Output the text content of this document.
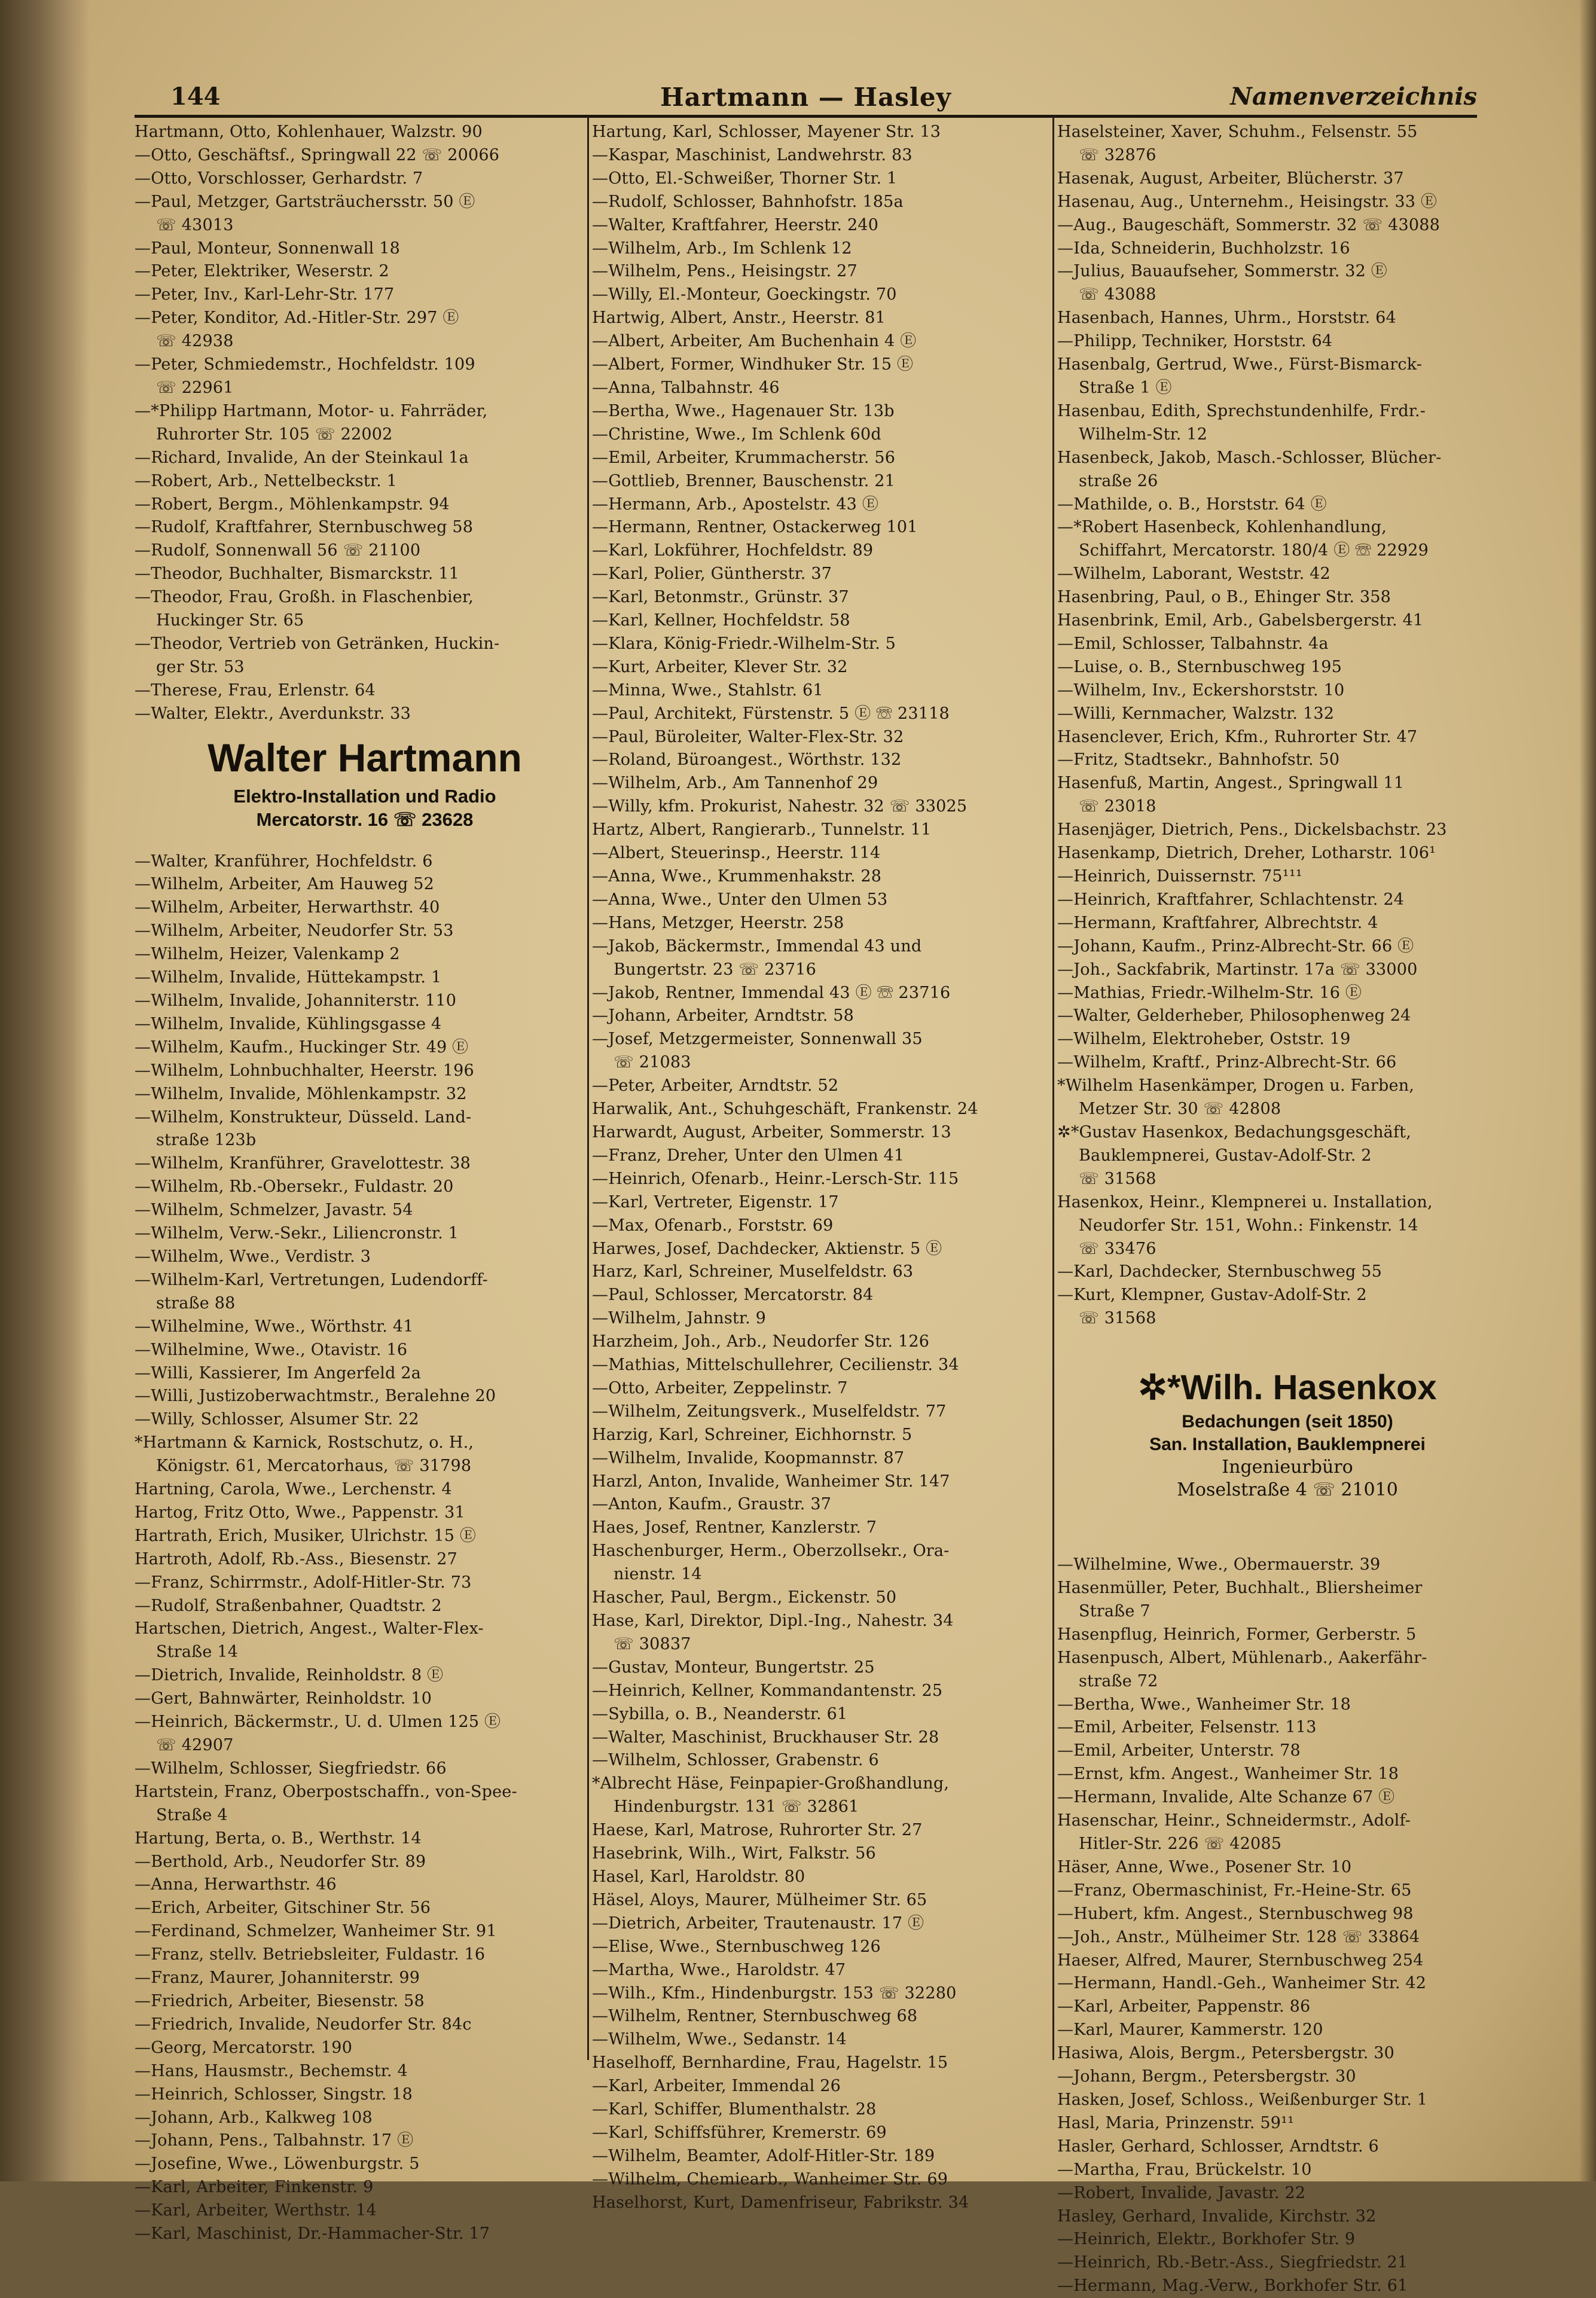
144	Hartmann — Hasley	Namenverzeichnis
Hartmann, Otto, Kohlenhauer, Walzstr. 90
—Otto, Geschäftsf., Springwall 22 ☏ 20066
—Otto, Vorschlosser, Gerhardstr. 7
—Paul, Metzger, Gartsträuchersstr. 50 Ⓔ
☏ 43013
—Paul, Monteur, Sonnenwall 18
—Peter, Elektriker, Weserstr. 2
—Peter, Inv., Karl-Lehr-Str. 177
—Peter, Konditor, Ad.-Hitler-Str. 297 Ⓔ
☏ 42938
—Peter, Schmiedemstr., Hochfeldstr. 109
☏ 22961
—*Philipp Hartmann, Motor- u. Fahrräder,
Ruhrorter Str. 105 ☏ 22002
—Richard, Invalide, An der Steinkaul 1a
—Robert, Arb., Nettelbeckstr. 1
—Robert, Bergm., Möhlenkampstr. 94
—Rudolf, Kraftfahrer, Sternbuschweg 58
—Rudolf, Sonnenwall 56 ☏ 21100
—Theodor, Buchhalter, Bismarckstr. 11
—Theodor, Frau, Großh. in Flaschenbier,
Huckinger Str. 65
—Theodor, Vertrieb von Getränken, Huckin-
ger Str. 53
—Therese, Frau, Erlenstr. 64
—Walter, Elektr., Averdunkstr. 33
Walter Hartmann
Elektro-Installation und Radio
Mercatorstr. 16 ☏ 23628
—Walter, Kranführer, Hochfeldstr. 6
—Wilhelm, Arbeiter, Am Hauweg 52
—Wilhelm, Arbeiter, Herwarthstr. 40
—Wilhelm, Arbeiter, Neudorfer Str. 53
—Wilhelm, Heizer, Valenkamp 2
—Wilhelm, Invalide, Hüttekampstr. 1
—Wilhelm, Invalide, Johanniterstr. 110
—Wilhelm, Invalide, Kühlingsgasse 4
—Wilhelm, Kaufm., Huckinger Str. 49 Ⓔ
—Wilhelm, Lohnbuchhalter, Heerstr. 196
—Wilhelm, Invalide, Möhlenkampstr. 32
—Wilhelm, Konstrukteur, Düsseld. Land-
straße 123b
—Wilhelm, Kranführer, Gravelottestr. 38
—Wilhelm, Rb.-Obersekr., Fuldastr. 20
—Wilhelm, Schmelzer, Javastr. 54
—Wilhelm, Verw.-Sekr., Liliencronstr. 1
—Wilhelm, Wwe., Verdistr. 3
—Wilhelm-Karl, Vertretungen, Ludendorff-
straße 88
—Wilhelmine, Wwe., Wörthstr. 41
—Wilhelmine, Wwe., Otavistr. 16
—Willi, Kassierer, Im Angerfeld 2a
—Willi, Justizoberwachtmstr., Beralehne 20
—Willy, Schlosser, Alsumer Str. 22
*Hartmann & Karnick, Rostschutz, o. H.,
Königstr. 61, Mercatorhaus, ☏ 31798
Hartning, Carola, Wwe., Lerchenstr. 4
Hartog, Fritz Otto, Wwe., Pappenstr. 31
Hartrath, Erich, Musiker, Ulrichstr. 15 Ⓔ
Hartroth, Adolf, Rb.-Ass., Biesenstr. 27
—Franz, Schirrmstr., Adolf-Hitler-Str. 73
—Rudolf, Straßenbahner, Quadtstr. 2
Hartschen, Dietrich, Angest., Walter-Flex-
Straße 14
—Dietrich, Invalide, Reinholdstr. 8 Ⓔ
—Gert, Bahnwärter, Reinholdstr. 10
—Heinrich, Bäckermstr., U. d. Ulmen 125 Ⓔ
☏ 42907
—Wilhelm, Schlosser, Siegfriedstr. 66
Hartstein, Franz, Oberpostschaffn., von-Spee-
Straße 4
Hartung, Berta, o. B., Werthstr. 14
—Berthold, Arb., Neudorfer Str. 89
—Anna, Herwarthstr. 46
—Erich, Arbeiter, Gitschiner Str. 56
—Ferdinand, Schmelzer, Wanheimer Str. 91
—Franz, stellv. Betriebsleiter, Fuldastr. 16
—Franz, Maurer, Johanniterstr. 99
—Friedrich, Arbeiter, Biesenstr. 58
—Friedrich, Invalide, Neudorfer Str. 84c
—Georg, Mercatorstr. 190
—Hans, Hausmstr., Bechemstr. 4
—Heinrich, Schlosser, Singstr. 18
—Johann, Arb., Kalkweg 108
—Johann, Pens., Talbahnstr. 17 Ⓔ
—Josefine, Wwe., Löwenburgstr. 5
—Karl, Arbeiter, Finkenstr. 9
—Karl, Arbeiter, Werthstr. 14
—Karl, Maschinist, Dr.-Hammacher-Str. 17
Hartung, Karl, Schlosser, Mayener Str. 13
—Kaspar, Maschinist, Landwehrstr. 83
—Otto, El.-Schweißer, Thorner Str. 1
—Rudolf, Schlosser, Bahnhofstr. 185a
—Walter, Kraftfahrer, Heerstr. 240
—Wilhelm, Arb., Im Schlenk 12
—Wilhelm, Pens., Heisingstr. 27
—Willy, El.-Monteur, Goeckingstr. 70
Hartwig, Albert, Anstr., Heerstr. 81
—Albert, Arbeiter, Am Buchenhain 4 Ⓔ
—Albert, Former, Windhuker Str. 15 Ⓔ
—Anna, Talbahnstr. 46
—Bertha, Wwe., Hagenauer Str. 13b
—Christine, Wwe., Im Schlenk 60d
—Emil, Arbeiter, Krummacherstr. 56
—Gottlieb, Brenner, Bauschenstr. 21
—Hermann, Arb., Apostelstr. 43 Ⓔ
—Hermann, Rentner, Ostackerweg 101
—Karl, Lokführer, Hochfeldstr. 89
—Karl, Polier, Güntherstr. 37
—Karl, Betonmstr., Grünstr. 37
—Karl, Kellner, Hochfeldstr. 58
—Klara, König-Friedr.-Wilhelm-Str. 5
—Kurt, Arbeiter, Klever Str. 32
—Minna, Wwe., Stahlstr. 61
—Paul, Architekt, Fürstenstr. 5 Ⓔ ☏ 23118
—Paul, Büroleiter, Walter-Flex-Str. 32
—Roland, Büroangest., Wörthstr. 132
—Wilhelm, Arb., Am Tannenhof 29
—Willy, kfm. Prokurist, Nahestr. 32 ☏ 33025
Hartz, Albert, Rangierarb., Tunnelstr. 11
—Albert, Steuerinsp., Heerstr. 114
—Anna, Wwe., Krummenhakstr. 28
—Anna, Wwe., Unter den Ulmen 53
—Hans, Metzger, Heerstr. 258
—Jakob, Bäckermstr., Immendal 43 und
Bungertstr. 23 ☏ 23716
—Jakob, Rentner, Immendal 43 Ⓔ ☏ 23716
—Johann, Arbeiter, Arndtstr. 58
—Josef, Metzgermeister, Sonnenwall 35
☏ 21083
—Peter, Arbeiter, Arndtstr. 52
Harwalik, Ant., Schuhgeschäft, Frankenstr. 24
Harwardt, August, Arbeiter, Sommerstr. 13
—Franz, Dreher, Unter den Ulmen 41
—Heinrich, Ofenarb., Heinr.-Lersch-Str. 115
—Karl, Vertreter, Eigenstr. 17
—Max, Ofenarb., Forststr. 69
Harwes, Josef, Dachdecker, Aktienstr. 5 Ⓔ
Harz, Karl, Schreiner, Muselfeldstr. 63
—Paul, Schlosser, Mercatorstr. 84
—Wilhelm, Jahnstr. 9
Harzheim, Joh., Arb., Neudorfer Str. 126
—Mathias, Mittelschullehrer, Cecilienstr. 34
—Otto, Arbeiter, Zeppelinstr. 7
—Wilhelm, Zeitungsverk., Muselfeldstr. 77
Harzig, Karl, Schreiner, Eichhornstr. 5
—Wilhelm, Invalide, Koopmannstr. 87
Harzl, Anton, Invalide, Wanheimer Str. 147
—Anton, Kaufm., Graustr. 37
Haes, Josef, Rentner, Kanzlerstr. 7
Haschenburger, Herm., Oberzollsekr., Ora-
nienstr. 14
Hascher, Paul, Bergm., Eickenstr. 50
Hase, Karl, Direktor, Dipl.-Ing., Nahestr. 34
☏ 30837
—Gustav, Monteur, Bungertstr. 25
—Heinrich, Kellner, Kommandantenstr. 25
—Sybilla, o. B., Neanderstr. 61
—Walter, Maschinist, Bruckhauser Str. 28
—Wilhelm, Schlosser, Grabenstr. 6
*Albrecht Häse, Feinpapier-Großhandlung,
Hindenburgstr. 131 ☏ 32861
Haese, Karl, Matrose, Ruhrorter Str. 27
Hasebrink, Wilh., Wirt, Falkstr. 56
Hasel, Karl, Haroldstr. 80
Häsel, Aloys, Maurer, Mülheimer Str. 65
—Dietrich, Arbeiter, Trautenaustr. 17 Ⓔ
—Elise, Wwe., Sternbuschweg 126
—Martha, Wwe., Haroldstr. 47
—Wilh., Kfm., Hindenburgstr. 153 ☏ 32280
—Wilhelm, Rentner, Sternbuschweg 68
—Wilhelm, Wwe., Sedanstr. 14
Haselhoff, Bernhardine, Frau, Hagelstr. 15
—Karl, Arbeiter, Immendal 26
—Karl, Schiffer, Blumenthalstr. 28
—Karl, Schiffsführer, Kremerstr. 69
—Wilhelm, Beamter, Adolf-Hitler-Str. 189
—Wilhelm, Chemiearb., Wanheimer Str. 69
Haselhorst, Kurt, Damenfriseur, Fabrikstr. 34
Haselsteiner, Xaver, Schuhm., Felsenstr. 55
☏ 32876
Hasenak, August, Arbeiter, Blücherstr. 37
Hasenau, Aug., Unternehm., Heisingstr. 33 Ⓔ
—Aug., Baugeschäft, Sommerstr. 32 ☏ 43088
—Ida, Schneiderin, Buchholzstr. 16
—Julius, Bauaufseher, Sommerstr. 32 Ⓔ
☏ 43088
Hasenbach, Hannes, Uhrm., Horststr. 64
—Philipp, Techniker, Horststr. 64
Hasenbalg, Gertrud, Wwe., Fürst-Bismarck-
Straße 1 Ⓔ
Hasenbau, Edith, Sprechstundenhilfe, Frdr.-
Wilhelm-Str. 12
Hasenbeck, Jakob, Masch.-Schlosser, Blücher-
straße 26
—Mathilde, o. B., Horststr. 64 Ⓔ
—*Robert Hasenbeck, Kohlenhandlung,
Schiffahrt, Mercatorstr. 180/4 Ⓔ ☏ 22929
—Wilhelm, Laborant, Weststr. 42
Hasenbring, Paul, o B., Ehinger Str. 358
Hasenbrink, Emil, Arb., Gabelsbergerstr. 41
—Emil, Schlosser, Talbahnstr. 4a
—Luise, o. B., Sternbuschweg 195
—Wilhelm, Inv., Eckershorststr. 10
—Willi, Kernmacher, Walzstr. 132
Hasenclever, Erich, Kfm., Ruhrorter Str. 47
—Fritz, Stadtsekr., Bahnhofstr. 50
Hasenfuß, Martin, Angest., Springwall 11
☏ 23018
Hasenjäger, Dietrich, Pens., Dickelsbachstr. 23
Hasenkamp, Dietrich, Dreher, Lotharstr. 106¹
—Heinrich, Duissernstr. 75¹¹¹
—Heinrich, Kraftfahrer, Schlachtenstr. 24
—Hermann, Kraftfahrer, Albrechtstr. 4
—Johann, Kaufm., Prinz-Albrecht-Str. 66 Ⓔ
—Joh., Sackfabrik, Martinstr. 17a ☏ 33000
—Mathias, Friedr.-Wilhelm-Str. 16 Ⓔ
—Walter, Gelderheber, Philosophenweg 24
—Wilhelm, Elektroheber, Oststr. 19
—Wilhelm, Kraftf., Prinz-Albrecht-Str. 66
*Wilhelm Hasenkämper, Drogen u. Farben,
Metzer Str. 30 ☏ 42808
✲*Gustav Hasenkox, Bedachungsgeschäft,
Bauklempnerei, Gustav-Adolf-Str. 2
☏ 31568
Hasenkox, Heinr., Klempnerei u. Installation,
Neudorfer Str. 151, Wohn.: Finkenstr. 14
☏ 33476
—Karl, Dachdecker, Sternbuschweg 55
—Kurt, Klempner, Gustav-Adolf-Str. 2
☏ 31568
✲*Wilh. Hasenkox
Bedachungen (seit 1850)
San. Installation, Bauklempnerei
Ingenieurbüro
Moselstraße 4 ☏ 21010
—Wilhelmine, Wwe., Obermauerstr. 39
Hasenmüller, Peter, Buchhalt., Bliersheimer
Straße 7
Hasenpflug, Heinrich, Former, Gerberstr. 5
Hasenpusch, Albert, Mühlenarb., Aakerfähr-
straße 72
—Bertha, Wwe., Wanheimer Str. 18
—Emil, Arbeiter, Felsenstr. 113
—Emil, Arbeiter, Unterstr. 78
—Ernst, kfm. Angest., Wanheimer Str. 18
—Hermann, Invalide, Alte Schanze 67 Ⓔ
Hasenschar, Heinr., Schneidermstr., Adolf-
Hitler-Str. 226 ☏ 42085
Häser, Anne, Wwe., Posener Str. 10
—Franz, Obermaschinist, Fr.-Heine-Str. 65
—Hubert, kfm. Angest., Sternbuschweg 98
—Joh., Anstr., Mülheimer Str. 128 ☏ 33864
Haeser, Alfred, Maurer, Sternbuschweg 254
—Hermann, Handl.-Geh., Wanheimer Str. 42
—Karl, Arbeiter, Pappenstr. 86
—Karl, Maurer, Kammerstr. 120
Hasiwa, Alois, Bergm., Petersbergstr. 30
—Johann, Bergm., Petersbergstr. 30
Hasken, Josef, Schloss., Weißenburger Str. 1
Hasl, Maria, Prinzenstr. 59¹¹
Hasler, Gerhard, Schlosser, Arndtstr. 6
—Martha, Frau, Brückelstr. 10
—Robert, Invalide, Javastr. 22
Hasley, Gerhard, Invalide, Kirchstr. 32
—Heinrich, Elektr., Borkhofer Str. 9
—Heinrich, Rb.-Betr.-Ass., Siegfriedstr. 21
—Hermann, Mag.-Verw., Borkhofer Str. 61
